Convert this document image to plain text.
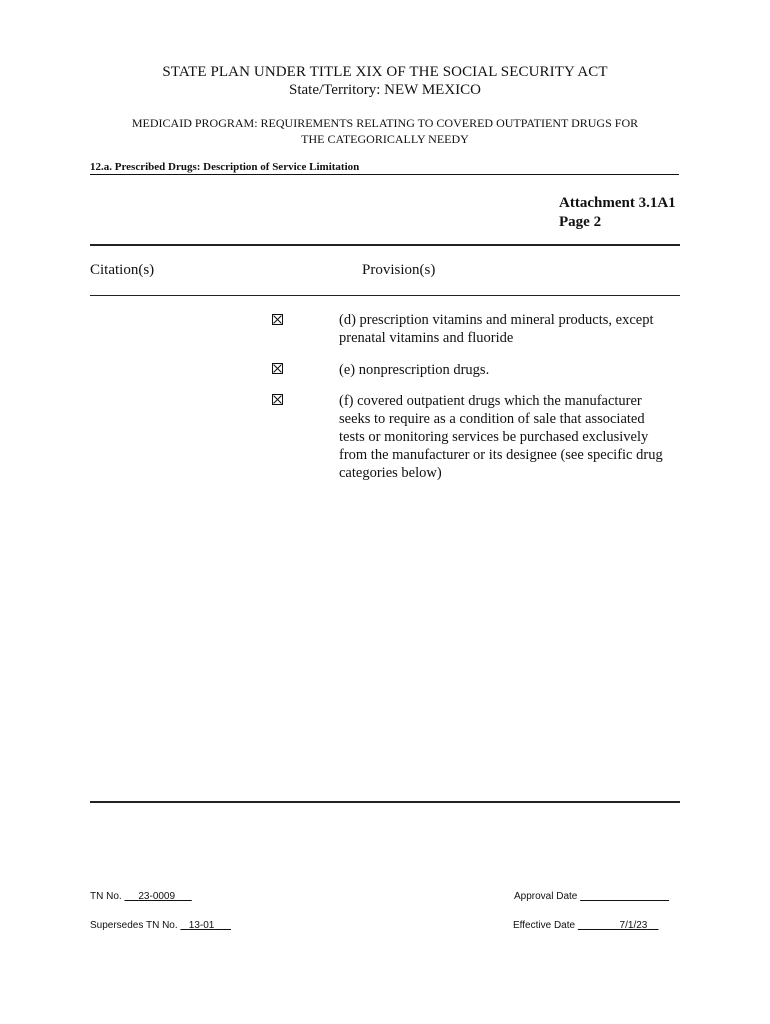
STATE PLAN UNDER TITLE XIX OF THE SOCIAL SECURITY ACT
State/Territory: NEW MEXICO
MEDICAID PROGRAM: REQUIREMENTS RELATING TO COVERED OUTPATIENT DRUGS FOR
THE CATEGORICALLY NEEDY
12.a. Prescribed Drugs: Description of Service Limitation
Attachment 3.1A1
Page 2
Citation(s)	Provision(s)
(d) prescription vitamins and mineral products, except
prenatal vitamins and fluoride
(e) nonprescription drugs.
(f) covered outpatient drugs which the manufacturer
seeks to require as a condition of sale that associated
tests or monitoring services be purchased exclusively
from the manufacturer or its designee (see specific drug
categories below)
TN No. 23-0009
Supersedes TN No. 13-01
Approval Date
Effective Date	7/1/23
